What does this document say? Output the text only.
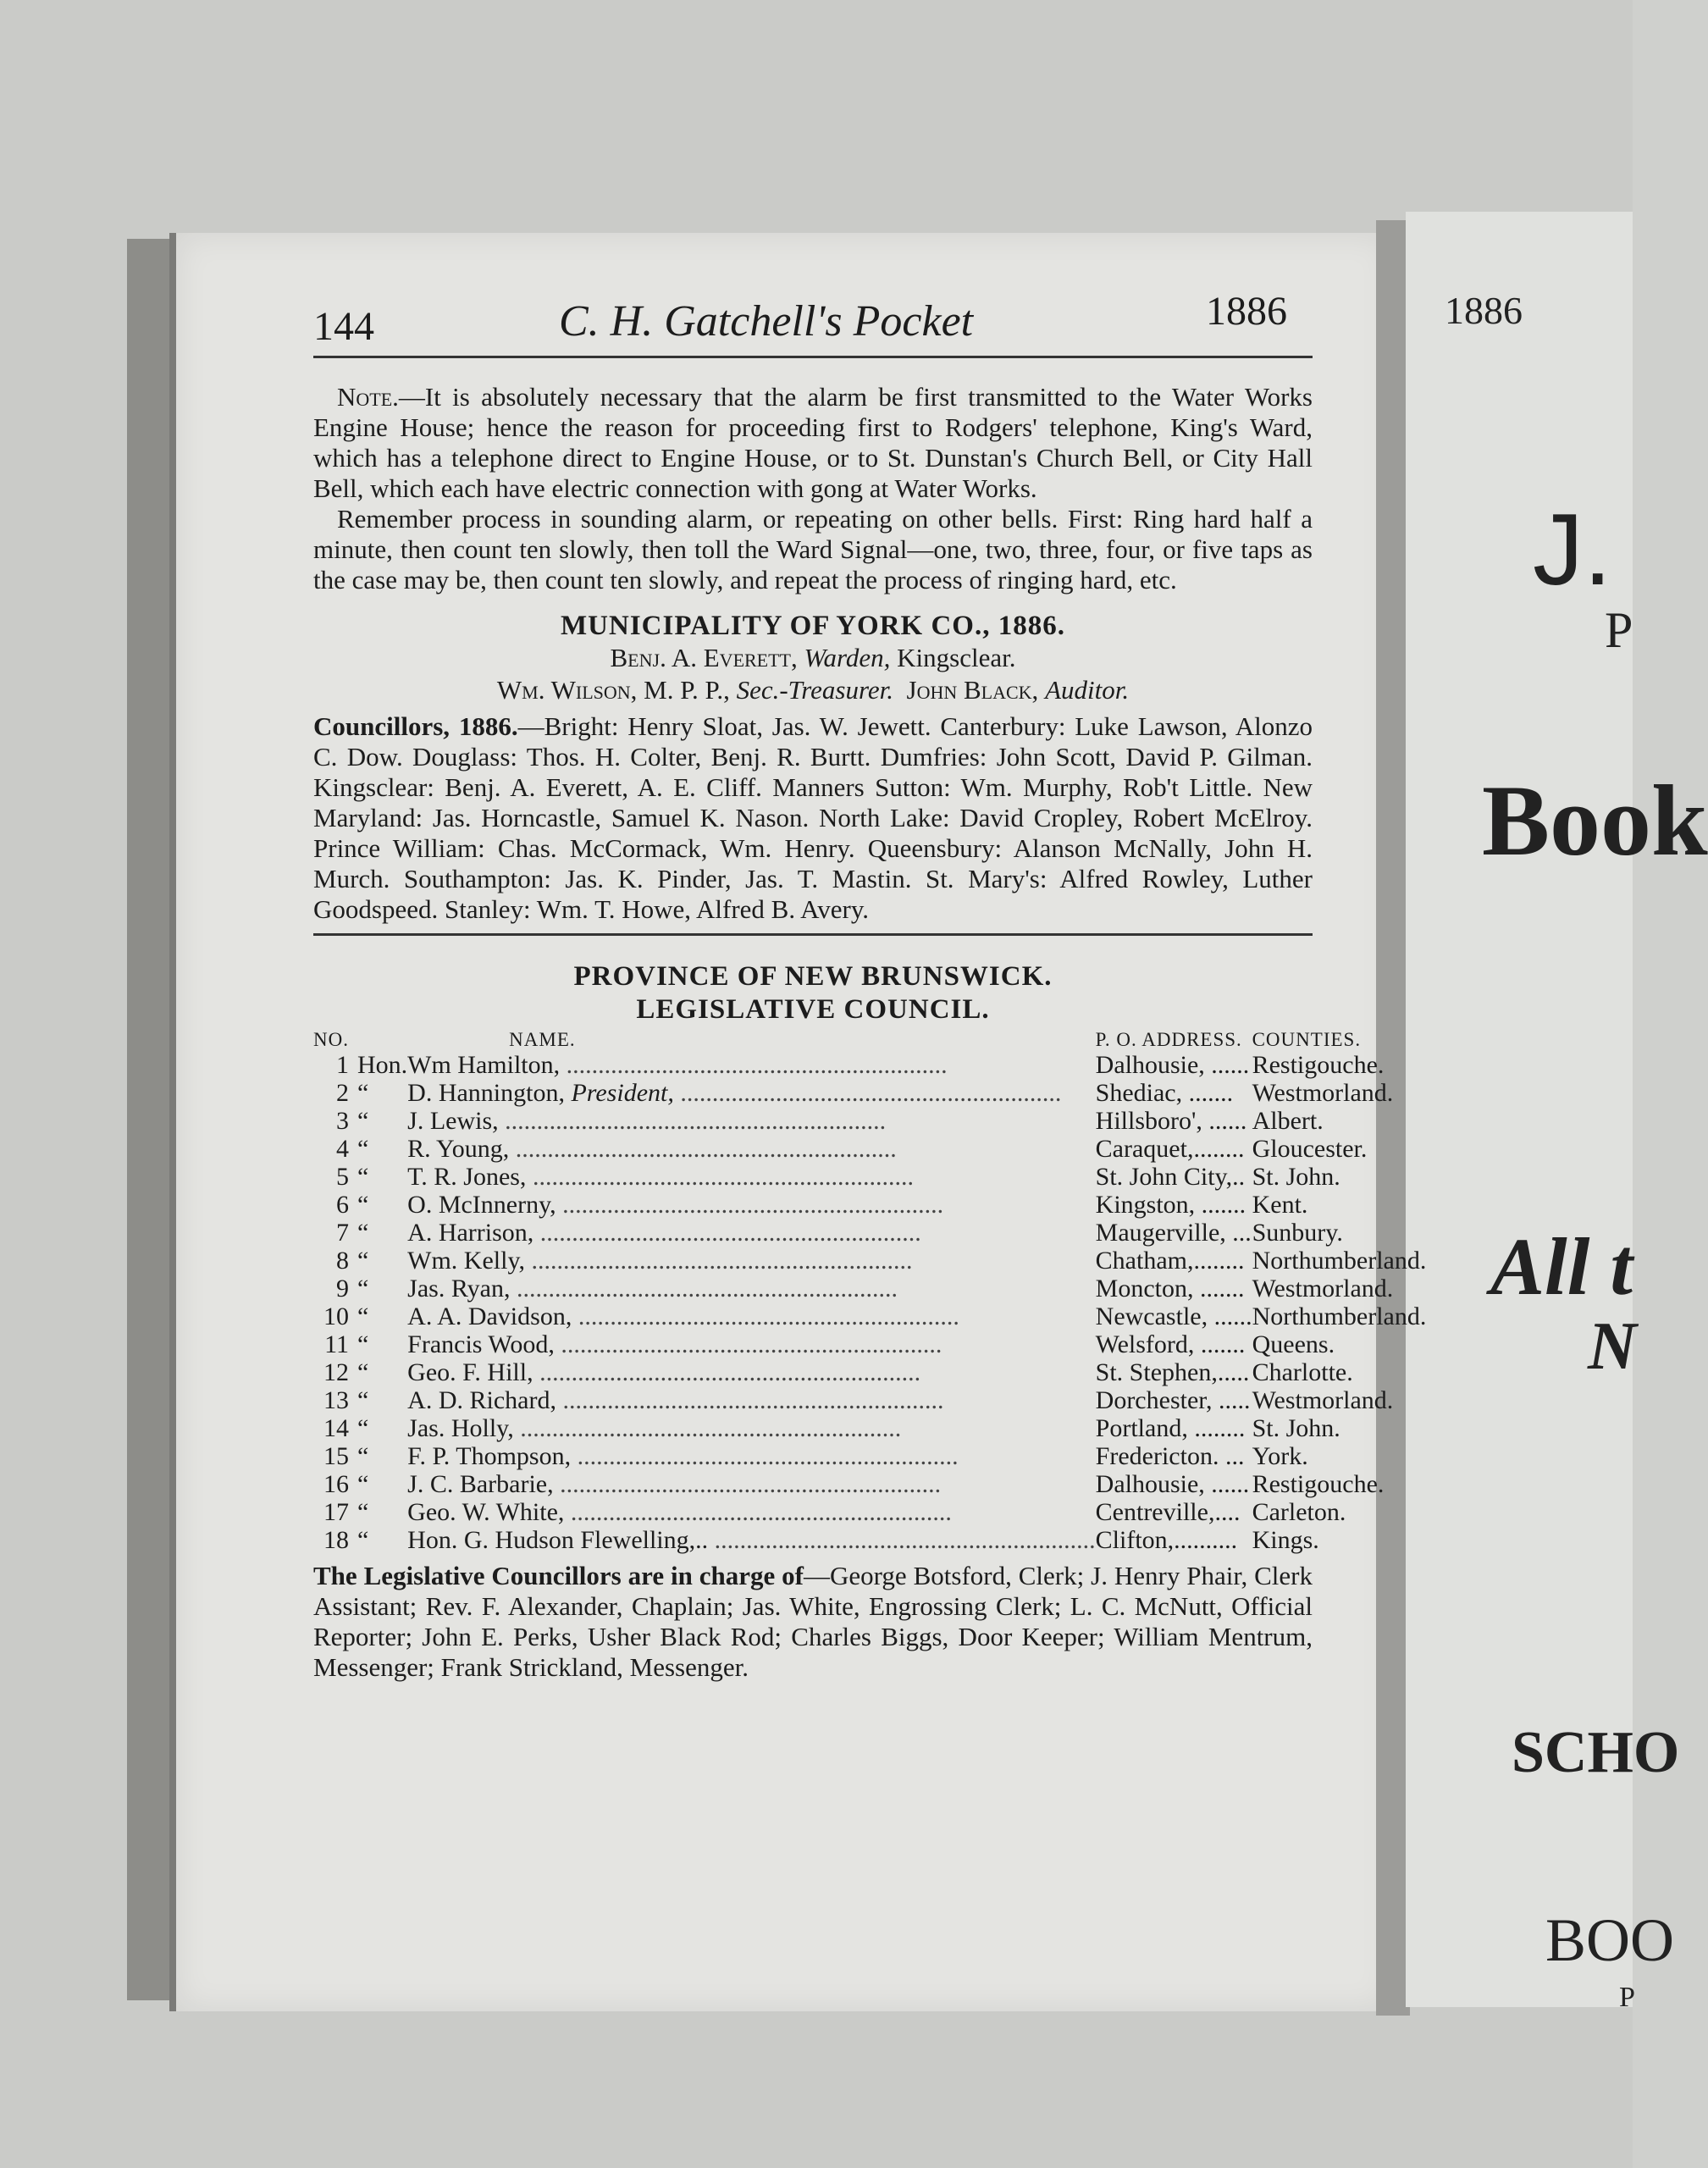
1886
J.
P
Book
All t
N
SCHO
BOO
P
144	C. H. Gatchell's Pocket	1886

Note.—It is absolutely necessary that the alarm be first transmitted to the Water Works Engine House; hence the reason for proceeding first to Rodgers' telephone, King's Ward, which has a telephone direct to Engine House, or to St. Dunstan's Church Bell, or City Hall Bell, which each have electric connection with gong at Water Works.

Remember process in sounding alarm, or repeating on other bells. First: Ring hard half a minute, then count ten slowly, then toll the Ward Signal—one, two, three, four, or five taps as the case may be, then count ten slowly, and repeat the process of ringing hard, etc.

MUNICIPALITY OF YORK CO., 1886.
Benj. A. Everett, Warden, Kingsclear.
Wm. Wilson, M. P. P., Sec.-Treasurer. John Black, Auditor.
Councillors, 1886.—Bright: Henry Sloat, Jas. W. Jewett. Canterbury: Luke Lawson, Alonzo C. Dow. Douglass: Thos. H. Colter, Benj. R. Burtt. Dumfries: John Scott, David P. Gilman. Kingsclear: Benj. A. Everett, A. E. Cliff. Manners Sutton: Wm. Murphy, Rob't Little. New Maryland: Jas. Horncastle, Samuel K. Nason. North Lake: David Cropley, Robert McElroy. Prince William: Chas. McCormack, Wm. Henry. Queensbury: Alanson McNally, John H. Murch. Southampton: Jas. K. Pinder, Jas. T. Mastin. St. Mary's: Alfred Rowley, Luther Goodspeed. Stanley: Wm. T. Howe, Alfred B. Avery.
PROVINCE OF NEW BRUNSWICK.
LEGISLATIVE COUNCIL.
NO.		NAME.	P. O. ADDRESS.	COUNTIES.
1	Hon.	Wm Hamilton, ............................................................	Dalhousie, ......	Restigouche.
2	“	D. Hannington, President, ............................................................	Shediac, .......	Westmorland.
3	“	J. Lewis, ............................................................	Hillsboro', ......	Albert.
4	“	R. Young, ............................................................	Caraquet,........	Gloucester.
5	“	T. R. Jones, ............................................................	St. John City,..	St. John.
6	“	O. McInnerny, ............................................................	Kingston, .......	Kent.
7	“	A. Harrison, ............................................................	Maugerville, ...	Sunbury.
8	“	Wm. Kelly, ............................................................	Chatham,........	Northumberland.
9	“	Jas. Ryan, ............................................................	Moncton, .......	Westmorland.
10	“	A. A. Davidson, ............................................................	Newcastle, ......	Northumberland.
11	“	Francis Wood, ............................................................	Welsford, .......	Queens.
12	“	Geo. F. Hill, ............................................................	St. Stephen,.....	Charlotte.
13	“	A. D. Richard, ............................................................	Dorchester, .....	Westmorland.
14	“	Jas. Holly, ............................................................	Portland, ........	St. John.
15	“	F. P. Thompson, ............................................................	Fredericton. ...	York.
16	“	J. C. Barbarie, ............................................................	Dalhousie, ......	Restigouche.
17	“	Geo. W. White, ............................................................	Centreville,....	Carleton.
18	“	Hon. G. Hudson Flewelling,.. ............................................................	Clifton,..........	Kings.
The Legislative Councillors are in charge of—George Botsford, Clerk; J. Henry Phair, Clerk Assistant; Rev. F. Alexander, Chaplain; Jas. White, Engrossing Clerk; L. C. McNutt, Official Reporter; John E. Perks, Usher Black Rod; Charles Biggs, Door Keeper; William Mentrum, Messenger; Frank Strickland, Messenger.
